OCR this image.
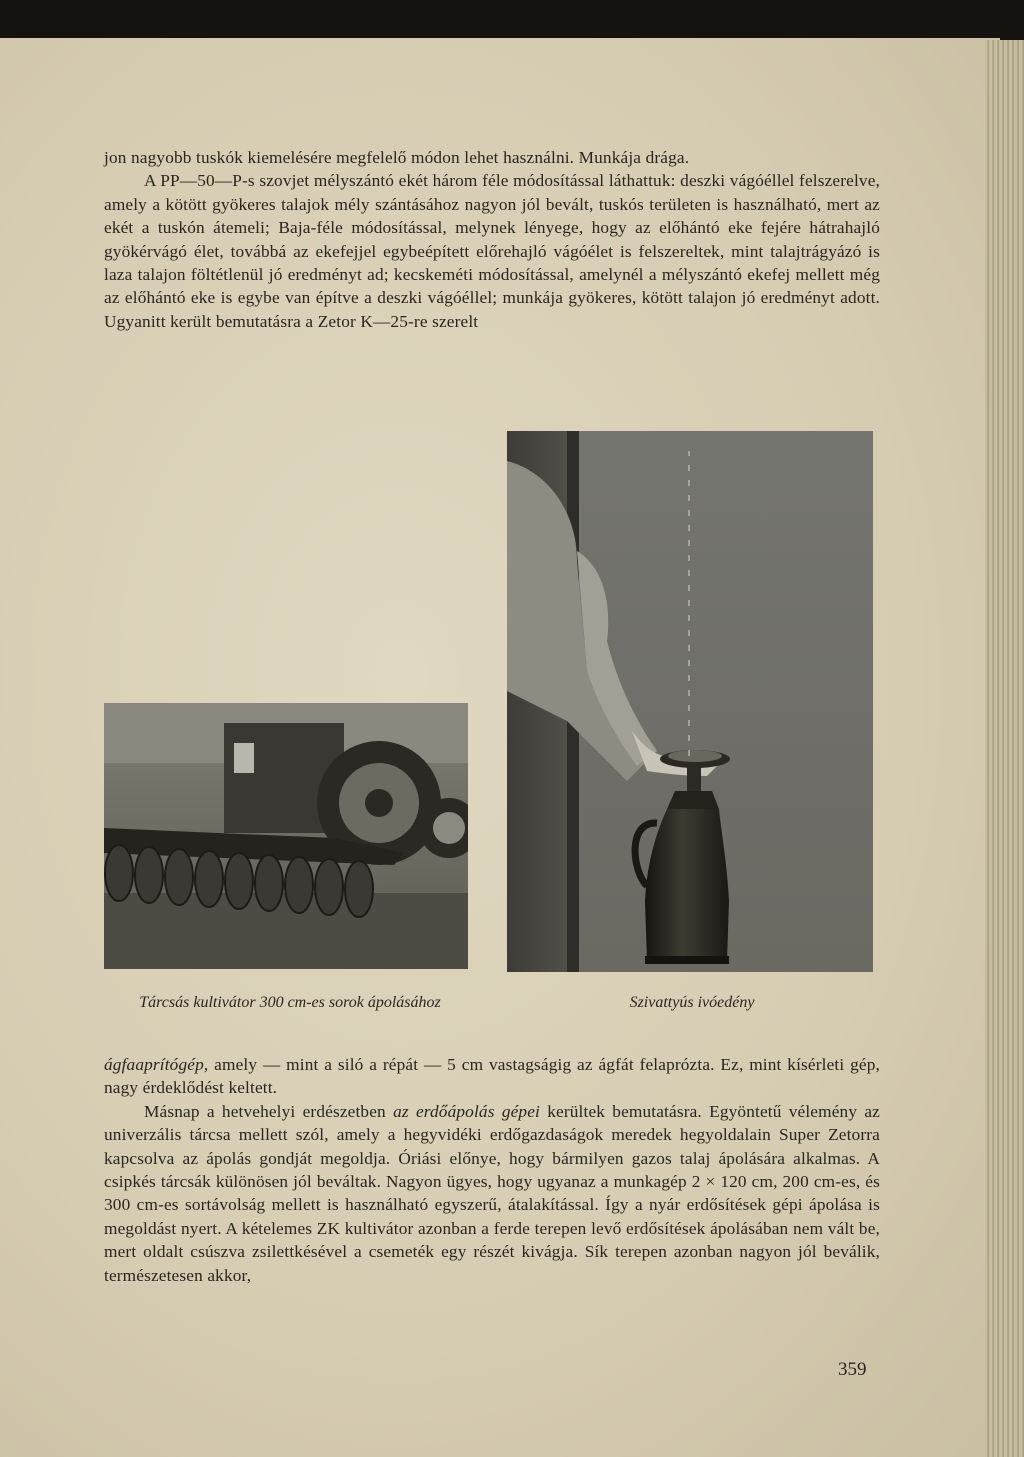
jon nagyobb tuskók kiemelésére megfelelő módon lehet használni. Munkája drága.

A PP—50—P-s szovjet mélyszántó ekét három féle módosítással láthattuk: deszki vágóéllel felszerelve, amely a kötött gyökeres talajok mély szántásához nagyon jól bevált, tuskós területen is használható, mert az ekét a tuskón átemeli; Baja-féle módosítással, melynek lényege, hogy az előhántó eke fejére hátrahajló gyökérvágó élet, továbbá az ekefejjel egybeépített előrehajló vágóélet is felszereltek, mint talajtrágyázó is laza talajon föltétlenül jó eredményt ad; kecskeméti módosítással, amelynél a mélyszántó ekefej mellett még az előhántó eke is egybe van építve a deszki vágóéllel; munkája gyökeres, kötött talajon jó eredményt adott. Ugyanitt került bemutatásra a Zetor K—25-re szerelt

Tárcsás kultivátor 300 cm-es sorok ápolásához	Szivattyús ivóedény

ágfaaprítógép, amely — mint a siló a répát — 5 cm vastagságig az ágfát felaprózta. Ez, mint kísérleti gép, nagy érdeklődést keltett.

Másnap a hetvehelyi erdészetben az erdőápolás gépei kerültek bemutatásra. Egyöntetű vélemény az univerzális tárcsa mellett szól, amely a hegyvidéki erdőgazdaságok meredek hegyoldalain Super Zetorra kapcsolva az ápolás gondját megoldja. Óriási előnye, hogy bármilyen gazos talaj ápolására alkalmas. A csipkés tárcsák különösen jól beváltak. Nagyon ügyes, hogy ugyanaz a munkagép 2 × 120 cm, 200 cm-es, és 300 cm-es sortávolság mellett is használható egyszerű, átalakítással. Így a nyár erdősítések gépi ápolása is megoldást nyert. A kételemes ZK kultivátor azonban a ferde terepen levő erdősítések ápolásában nem vált be, mert oldalt csúszva zsilettkésével a csemeték egy részét kivágja. Sík terepen azonban nagyon jól beválik, természetesen akkor,

359
